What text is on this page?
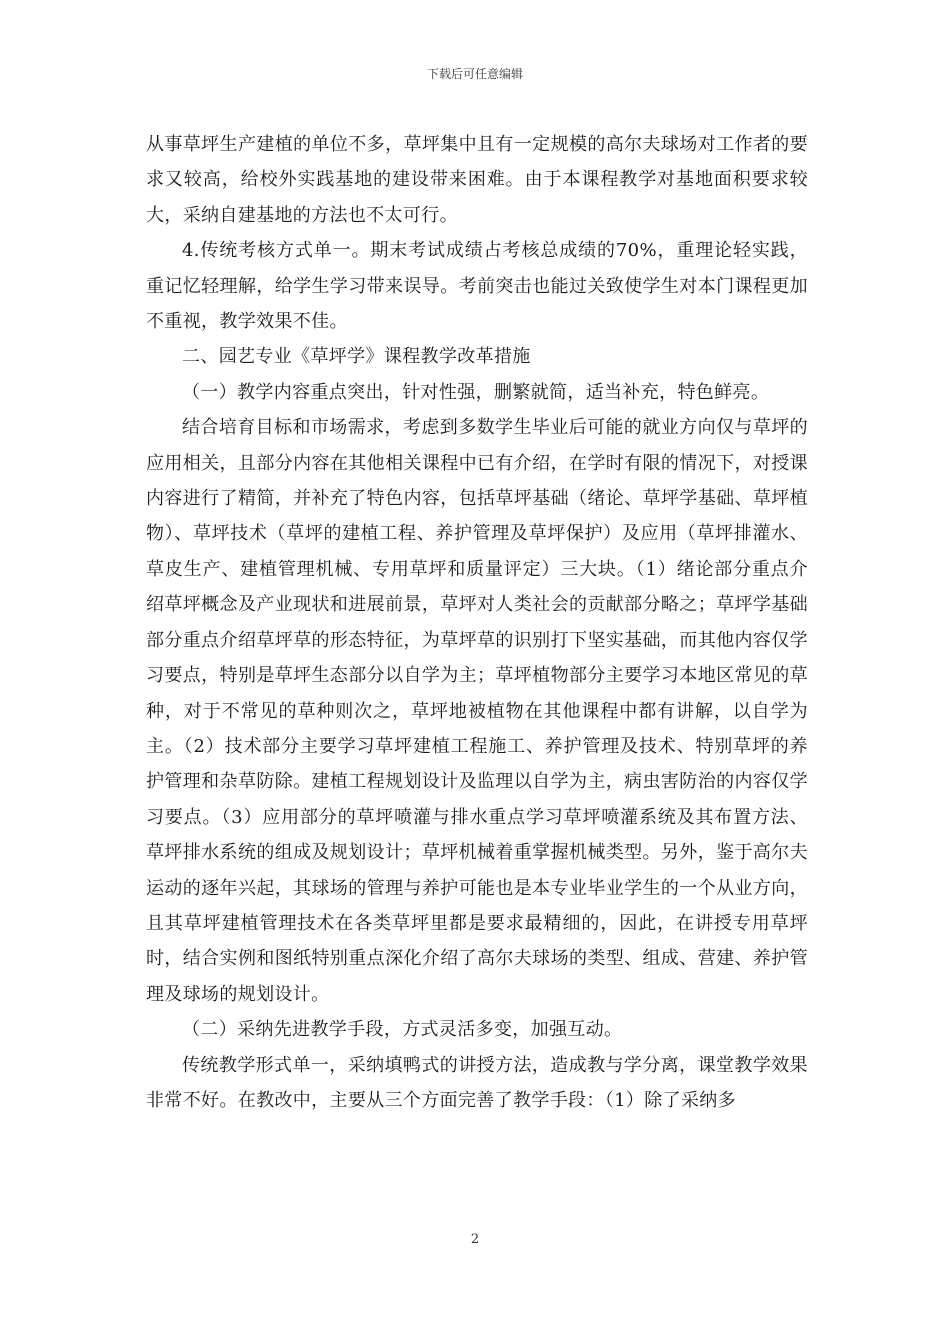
下载后可任意编辑

从事草坪生产建植的单位不多，草坪集中且有一定规模的高尔夫球场对工作者的要求又较高，给校外实践基地的建设带来困难。由于本课程教学对基地面积要求较大，采纳自建基地的方法也不太可行。

4.传统考核方式单一。期末考试成绩占考核总成绩的70%，重理论轻实践，重记忆轻理解，给学生学习带来误导。考前突击也能过关致使学生对本门课程更加不重视，教学效果不佳。

二、园艺专业《草坪学》课程教学改革措施

（一）教学内容重点突出，针对性强，删繁就简，适当补充，特色鲜亮。

结合培育目标和市场需求，考虑到多数学生毕业后可能的就业方向仅与草坪的应用相关，且部分内容在其他相关课程中已有介绍，在学时有限的情况下，对授课内容进行了精简，并补充了特色内容，包括草坪基础（绪论、草坪学基础、草坪植物）、草坪技术（草坪的建植工程、养护管理及草坪保护）及应用（草坪排灌水、草皮生产、建植管理机械、专用草坪和质量评定）三大块。（1）绪论部分重点介绍草坪概念及产业现状和进展前景，草坪对人类社会的贡献部分略之；草坪学基础部分重点介绍草坪草的形态特征，为草坪草的识别打下坚实基础，而其他内容仅学习要点，特别是草坪生态部分以自学为主；草坪植物部分主要学习本地区常见的草种，对于不常见的草种则次之，草坪地被植物在其他课程中都有讲解，以自学为主。（2）技术部分主要学习草坪建植工程施工、养护管理及技术、特别草坪的养护管理和杂草防除。建植工程规划设计及监理以自学为主，病虫害防治的内容仅学习要点。（3）应用部分的草坪喷灌与排水重点学习草坪喷灌系统及其布置方法、草坪排水系统的组成及规划设计；草坪机械着重掌握机械类型。另外，鉴于高尔夫运动的逐年兴起，其球场的管理与养护可能也是本专业毕业学生的一个从业方向，且其草坪建植管理技术在各类草坪里都是要求最精细的，因此，在讲授专用草坪时，结合实例和图纸特别重点深化介绍了高尔夫球场的类型、组成、营建、养护管理及球场的规划设计。

（二）采纳先进教学手段，方式灵活多变，加强互动。

传统教学形式单一，采纳填鸭式的讲授方法，造成教与学分离，课堂教学效果非常不好。在教改中，主要从三个方面完善了教学手段：（1）除了采纳多

2
